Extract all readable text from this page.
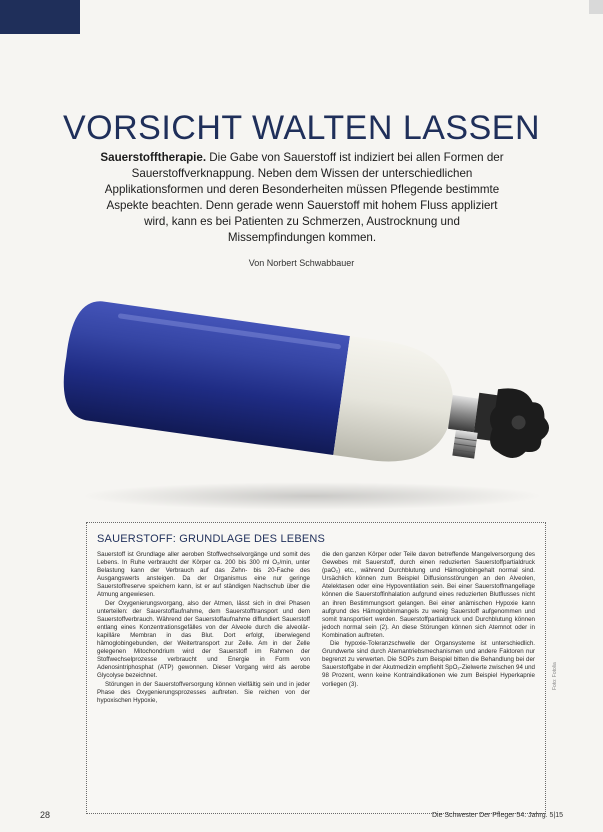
VORSICHT WALTEN LASSEN
Sauerstofftherapie. Die Gabe von Sauerstoff ist indiziert bei allen Formen der Sauerstoffverknappung. Neben dem Wissen der unterschiedlichen Applikationsformen und deren Besonderheiten müssen Pflegende bestimmte Aspekte beachten. Denn gerade wenn Sauerstoff mit hohem Fluss appliziert wird, kann es bei Patienten zu Schmerzen, Austrocknung und Missempfindungen kommen.
Von Norbert Schwabbauer
SAUERSTOFF: GRUNDLAGE DES LEBENS

Sauerstoff ist Grundlage aller aeroben Stoffwechselvorgänge und somit des Lebens. In Ruhe verbraucht der Körper ca. 200 bis 300 ml O₂/min, unter Belastung kann der Verbrauch auf das Zehn- bis 20-Fache des Ausgangswerts ansteigen. Da der Organismus eine nur geringe Sauerstoffreserve speichern kann, ist er auf ständigen Nachschub über die Atmung angewiesen.

Der Oxygenierungsvorgang, also der Atmen, lässt sich in drei Phasen unterteilen: der Sauerstoffaufnahme, dem Sauerstofftransport und dem Sauerstoffverbrauch. Während der Sauerstoffaufnahme diffundiert Sauerstoff entlang eines Konzentrationsgefälles von der Alveole durch die alveolär-kapilläre Membran in das Blut. Dort erfolgt, überwiegend hämoglobingebunden, der Weitertransport zur Zelle. Am in der Zelle gelegenen Mitochondrium wird der Sauerstoff im Rahmen der Stoffwechselprozesse verbraucht und Energie in Form von Adenosintriphosphat (ATP) gewonnen. Dieser Vorgang wird als aerobe Glycolyse bezeichnet.

Störungen in der Sauerstoffversorgung können vielfältig sein und in jeder Phase des Oxygenierungsprozesses auftreten. Sie reichen von der hypoxischen Hypoxie,

die den ganzen Körper oder Teile davon betreffende Mangelversorgung des Gewebes mit Sauerstoff, durch einen reduzierten Sauerstoffpartialdruck (paO₂) etc., während Durchblutung und Hämoglobingehalt normal sind. Ursächlich können zum Beispiel Diffusionsstörungen an den Alveolen, Atelektasen oder eine Hypoventilation sein. Bei einer Sauerstoffmangellage können die Sauerstoffinhalation aufgrund eines reduzierten Blutflusses nicht an ihren Bestimmungsort gelangen. Bei einer anämischen Hypoxie kann aufgrund des Hämoglobinmangels zu wenig Sauerstoff aufgenommen und somit transportiert werden. Sauerstoffpartialdruck und Durchblutung können jedoch normal sein (2). An diese Störungen können sich Atemnot oder in Kombination auftreten.

Die hypoxie-Toleranzschwelle der Organsysteme ist unterschiedlich. Grundwerte sind durch Atemantriebsmechanismen und andere Faktoren nur begrenzt zu verwerten. Die SOPs zum Beispiel bitten die Behandlung bei der Sauerstoffgabe in der Akutmedizin empfiehlt SpO₂-Zielwerte zwischen 94 und 98 Prozent, wenn keine Kontraindikationen wie zum Beispiel Hyperkapnie vorliegen (3).	Foto: Fotolia
28	Die Schwester Der Pfleger 54. Jahrg. 5|15
